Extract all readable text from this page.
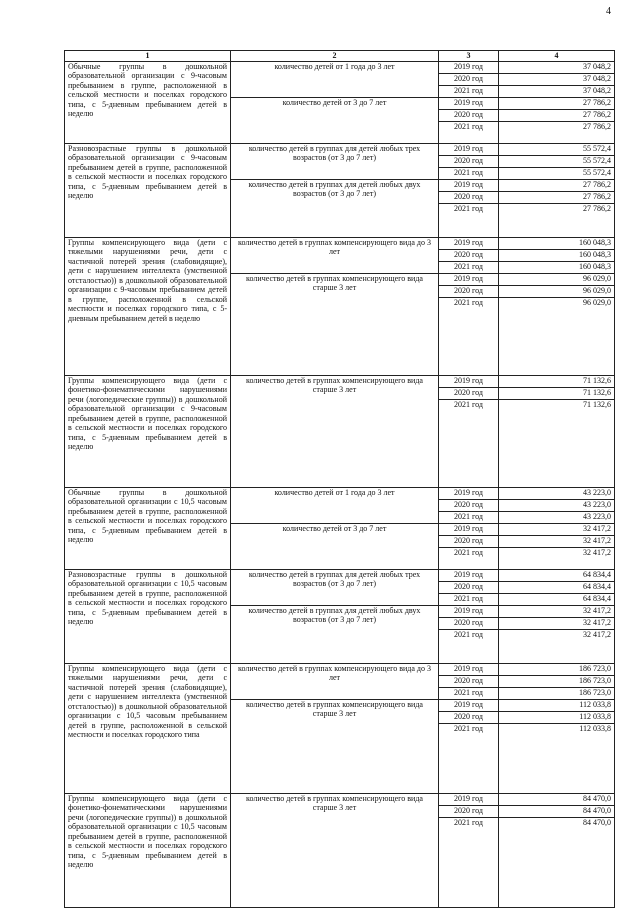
4
1	2	3	4
Обычные группы в дошкольной образовательной организации с 9-часовым пребыванием в группе, расположенной в сельской местности и поселках городского типа, с 5-дневным пребыванием детей в неделю	количество детей от 1 года до 3 лет	2019 год	37 048,2
		2020 год	37 048,2
		2021 год	37 048,2
	количество детей от 3 до 7 лет	2019 год	27 786,2
		2020 год	27 786,2
		2021 год	27 786,2
Разновозрастные группы в дошкольной образовательной организации с 9-часовым пребыванием детей в группе, расположенной в сельской местности и поселках городского типа, с 5-дневным пребыванием детей в неделю	количество детей в группах для детей любых трех возрастов (от 3 до 7 лет)	2019 год	55 572,4
		2020 год	55 572,4
		2021 год	55 572,4
	количество детей в группах для детей любых двух возрастов (от 3 до 7 лет)	2019 год	27 786,2
		2020 год	27 786,2
		2021 год	27 786,2
Группы компенсирующего вида (дети с тяжелыми нарушениями речи, дети с частичной потерей зрения (слабовидящие), дети с нарушением интеллекта (умственной отсталостью)) в дошкольной образовательной организации с 9-часовым пребыванием детей в группе, расположенной в сельской местности и поселках городского типа, с 5-дневным пребыванием детей в неделю	количество детей в группах компенсирующего вида до 3 лет	2019 год	160 048,3
		2020 год	160 048,3
		2021 год	160 048,3
	количество детей в группах компенсирующего вида старше 3 лет	2019 год	96 029,0
		2020 год	96 029,0
		2021 год	96 029,0
Группы компенсирующего вида (дети с фонетико-фонематическими нарушениями речи (логопедические группы)) в дошкольной образовательной организации с 9-часовым пребыванием детей в группе, расположенной в сельской местности и поселках городского типа, с 5-дневным пребыванием детей в неделю	количество детей в группах компенсирующего вида старше 3 лет	2019 год	71 132,6
		2020 год	71 132,6
		2021 год	71 132,6
Обычные группы в дошкольной образовательной организации с 10,5 часовым пребыванием детей в группе, расположенной в сельской местности и поселках городского типа, с 5-дневным пребыванием детей в неделю	количество детей от 1 года до 3 лет	2019 год	43 223,0
		2020 год	43 223,0
		2021 год	43 223,0
	количество детей от 3 до 7 лет	2019 год	32 417,2
		2020 год	32 417,2
		2021 год	32 417,2
Разновозрастные группы в дошкольной образовательной организации с 10,5 часовым пребыванием детей в группе, расположенной в сельской местности и поселках городского типа, с 5-дневным пребыванием детей в неделю	количество детей в группах для детей любых трех возрастов (от 3 до 7 лет)	2019 год	64 834,4
		2020 год	64 834,4
		2021 год	64 834,4
	количество детей в группах для детей любых двух возрастов (от 3 до 7 лет)	2019 год	32 417,2
		2020 год	32 417,2
		2021 год	32 417,2
Группы компенсирующего вида (дети с тяжелыми нарушениями речи, дети с частичной потерей зрения (слабовидящие), дети с нарушением интеллекта (умственной отсталостью)) в дошкольной образовательной организации с 10,5 часовым пребыванием детей в группе, расположенной в сельской местности и поселках городского типа	количество детей в группах компенсирующего вида до 3 лет	2019 год	186 723,0
		2020 год	186 723,0
		2021 год	186 723,0
	количество детей в группах компенсирующего вида старше 3 лет	2019 год	112 033,8
		2020 год	112 033,8
		2021 год	112 033,8
Группы компенсирующего вида (дети с фонетико-фонематическими нарушениями речи (логопедические группы)) в дошкольной образовательной организации с 10,5 часовым пребыванием детей в группе, расположенной в сельской местности и поселках городского типа, с 5-дневным пребыванием детей в неделю	количество детей в группах компенсирующего вида старше 3 лет	2019 год	84 470,0
		2020 год	84 470,0
		2021 год	84 470,0
